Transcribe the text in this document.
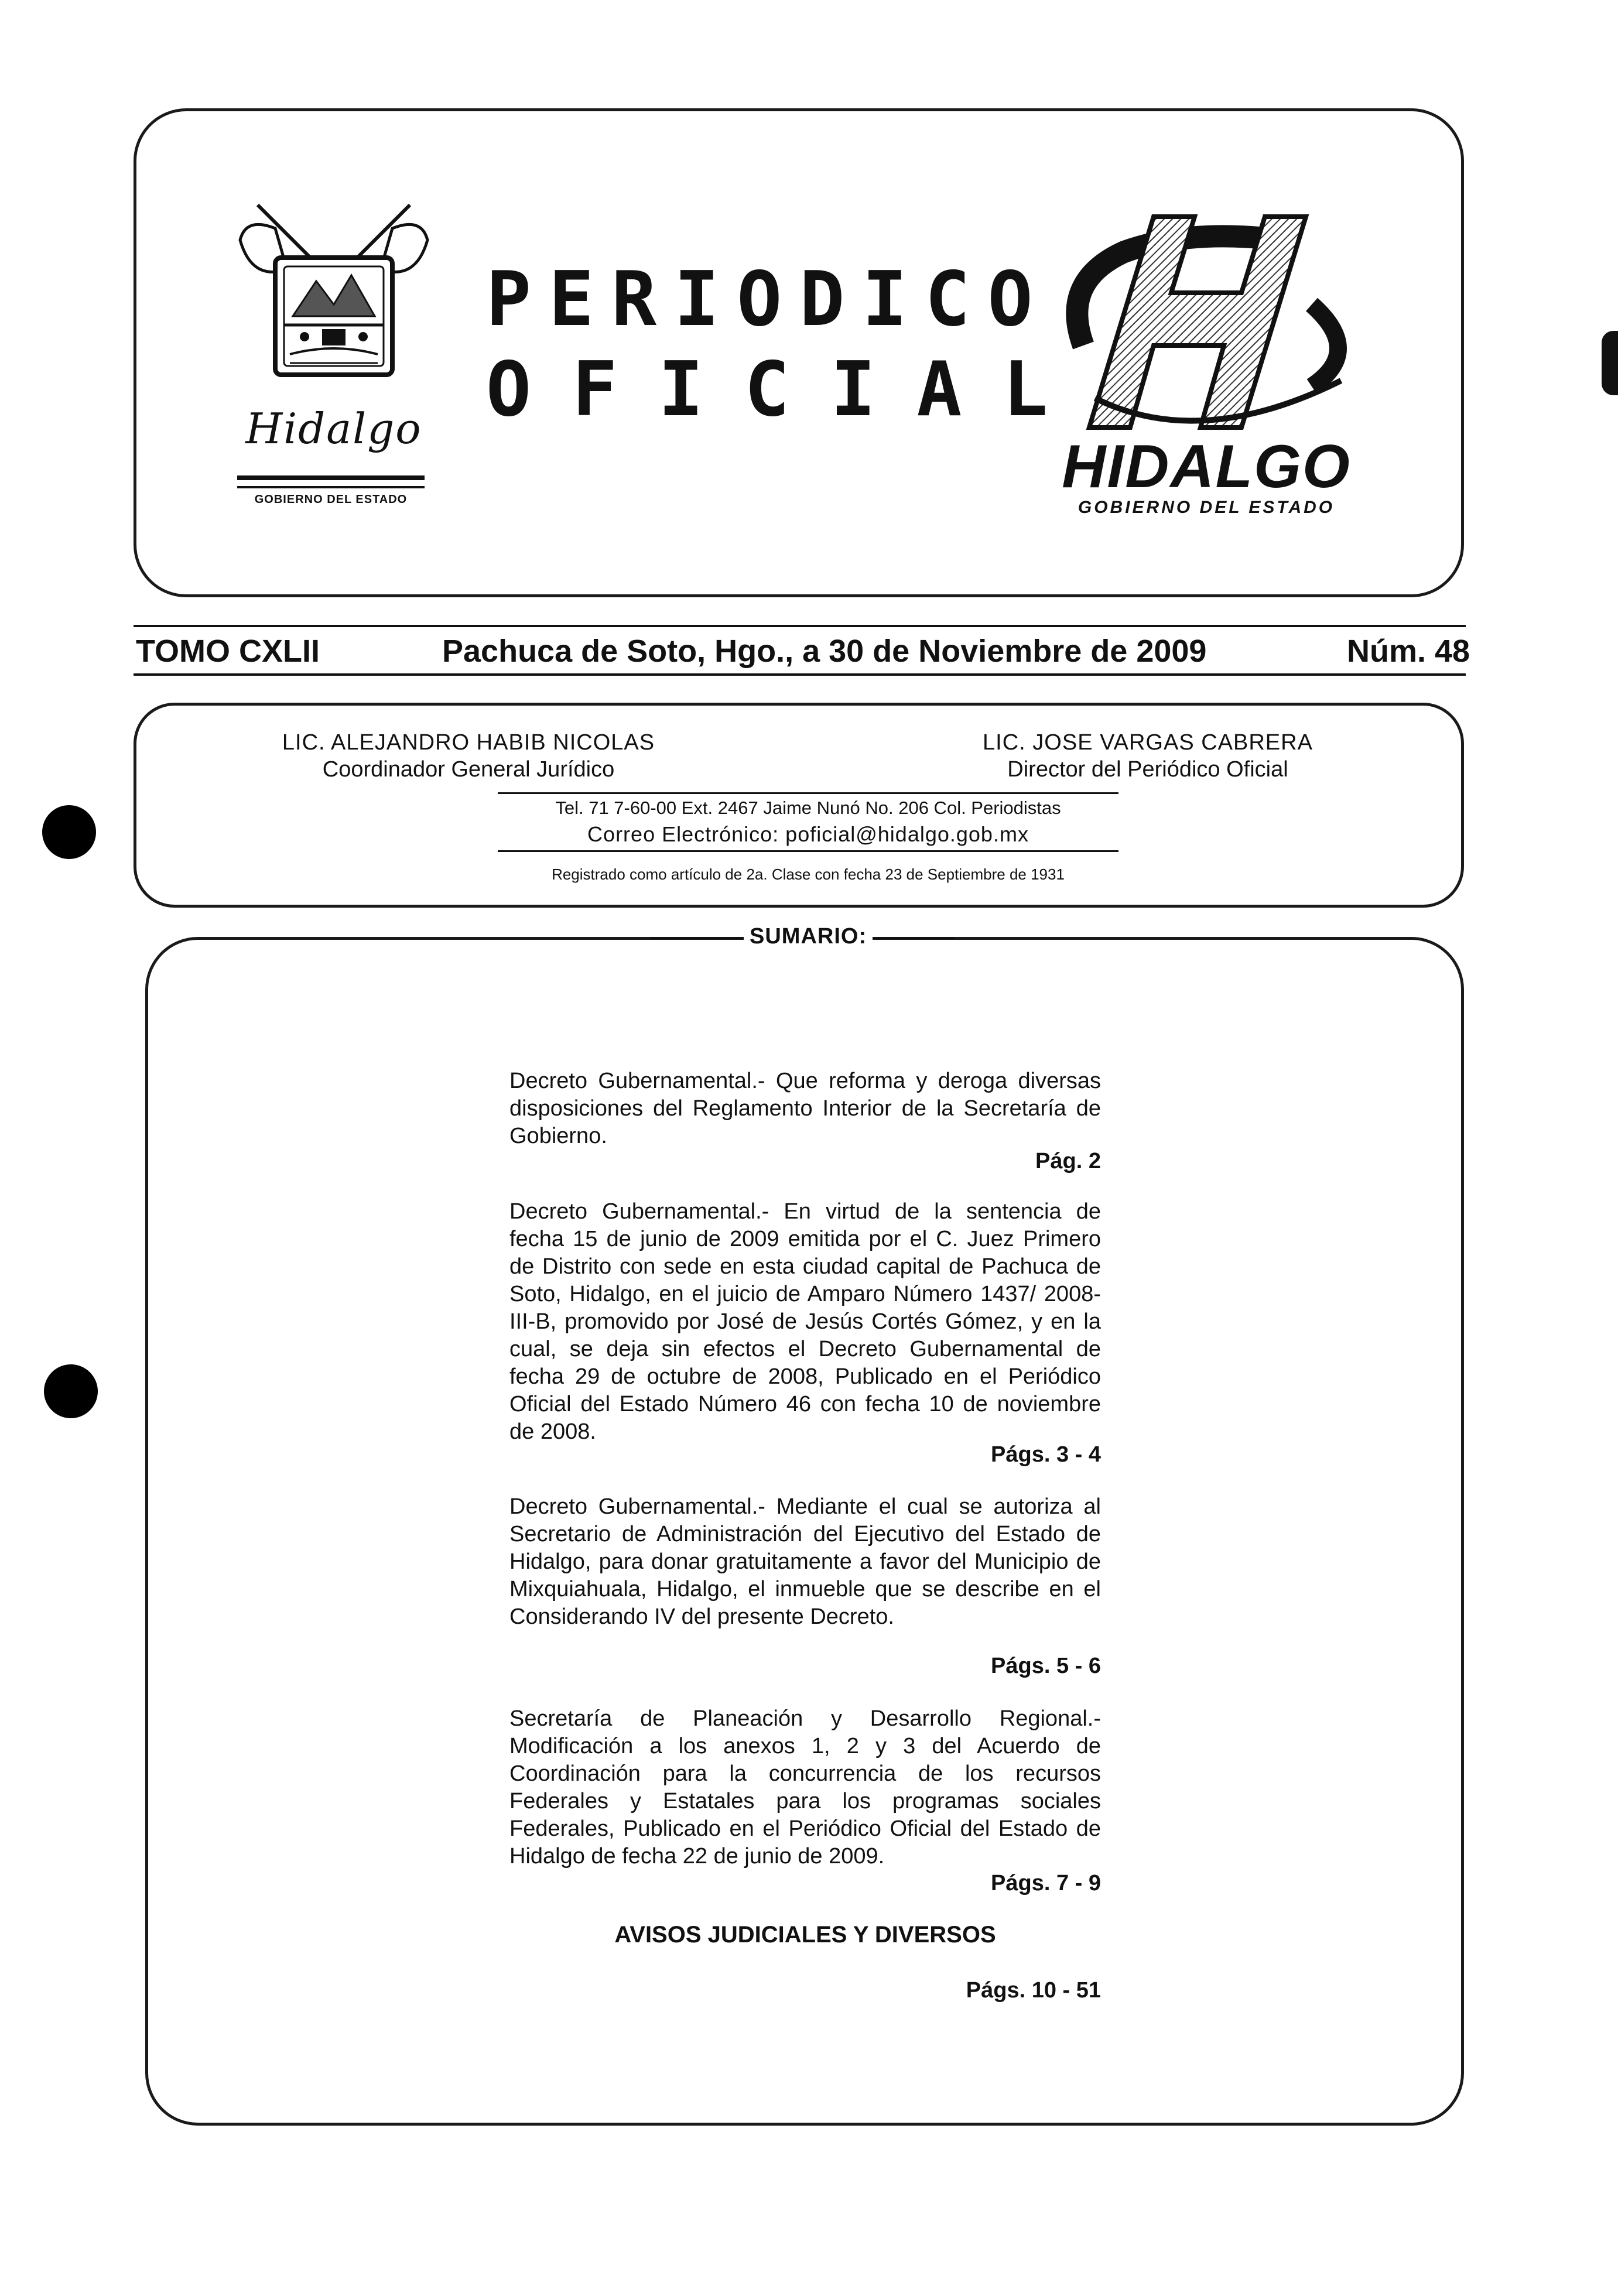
Hidalgo
GOBIERNO DEL ESTADO
PERIODICO
OFICIAL
HIDALGO
GOBIERNO DEL ESTADO
TOMO CXLII	Pachuca de Soto, Hgo., a 30 de Noviembre de 2009	Núm. 48
LIC. ALEJANDRO HABIB NICOLAS
Coordinador General Jurídico
LIC. JOSE VARGAS CABRERA
Director del Periódico Oficial
Tel. 71 7-60-00 Ext. 2467 Jaime Nunó No. 206 Col. Periodistas
Correo Electrónico: poficial@hidalgo.gob.mx
Registrado como artículo de 2a. Clase con fecha 23 de Septiembre de 1931
SUMARIO:
Decreto Gubernamental.- Que reforma y deroga diversas disposiciones del Reglamento Interior de la Secretaría de Gobierno.
Pág. 2
Decreto Gubernamental.- En virtud de la sentencia de fecha 15 de junio de 2009 emitida por el C. Juez Primero de Distrito con sede en esta ciudad capital de Pachuca de Soto, Hidalgo, en el juicio de Amparo Número 1437/ 2008-III-B, promovido por José de Jesús Cortés Gómez, y en la cual, se deja sin efectos el Decreto Gubernamental de fecha 29 de octubre de 2008, Publicado en el Periódico Oficial del Estado Número 46 con fecha 10 de noviembre de 2008.
Págs. 3 - 4
Decreto Gubernamental.- Mediante el cual se autoriza al Secretario de Administración del Ejecutivo del Estado de Hidalgo, para donar gratuitamente a favor del Municipio de Mixquiahuala, Hidalgo, el inmueble que se describe en el Considerando IV del presente Decreto.
Págs. 5 - 6
Secretaría de Planeación y Desarrollo Regional.- Modificación a los anexos 1, 2 y 3 del Acuerdo de Coordinación para la concurrencia de los recursos Federales y Estatales para los programas sociales Federales, Publicado en el Periódico Oficial del Estado de Hidalgo de fecha 22 de junio de 2009.
Págs. 7 - 9
AVISOS JUDICIALES Y DIVERSOS
Págs. 10 - 51
